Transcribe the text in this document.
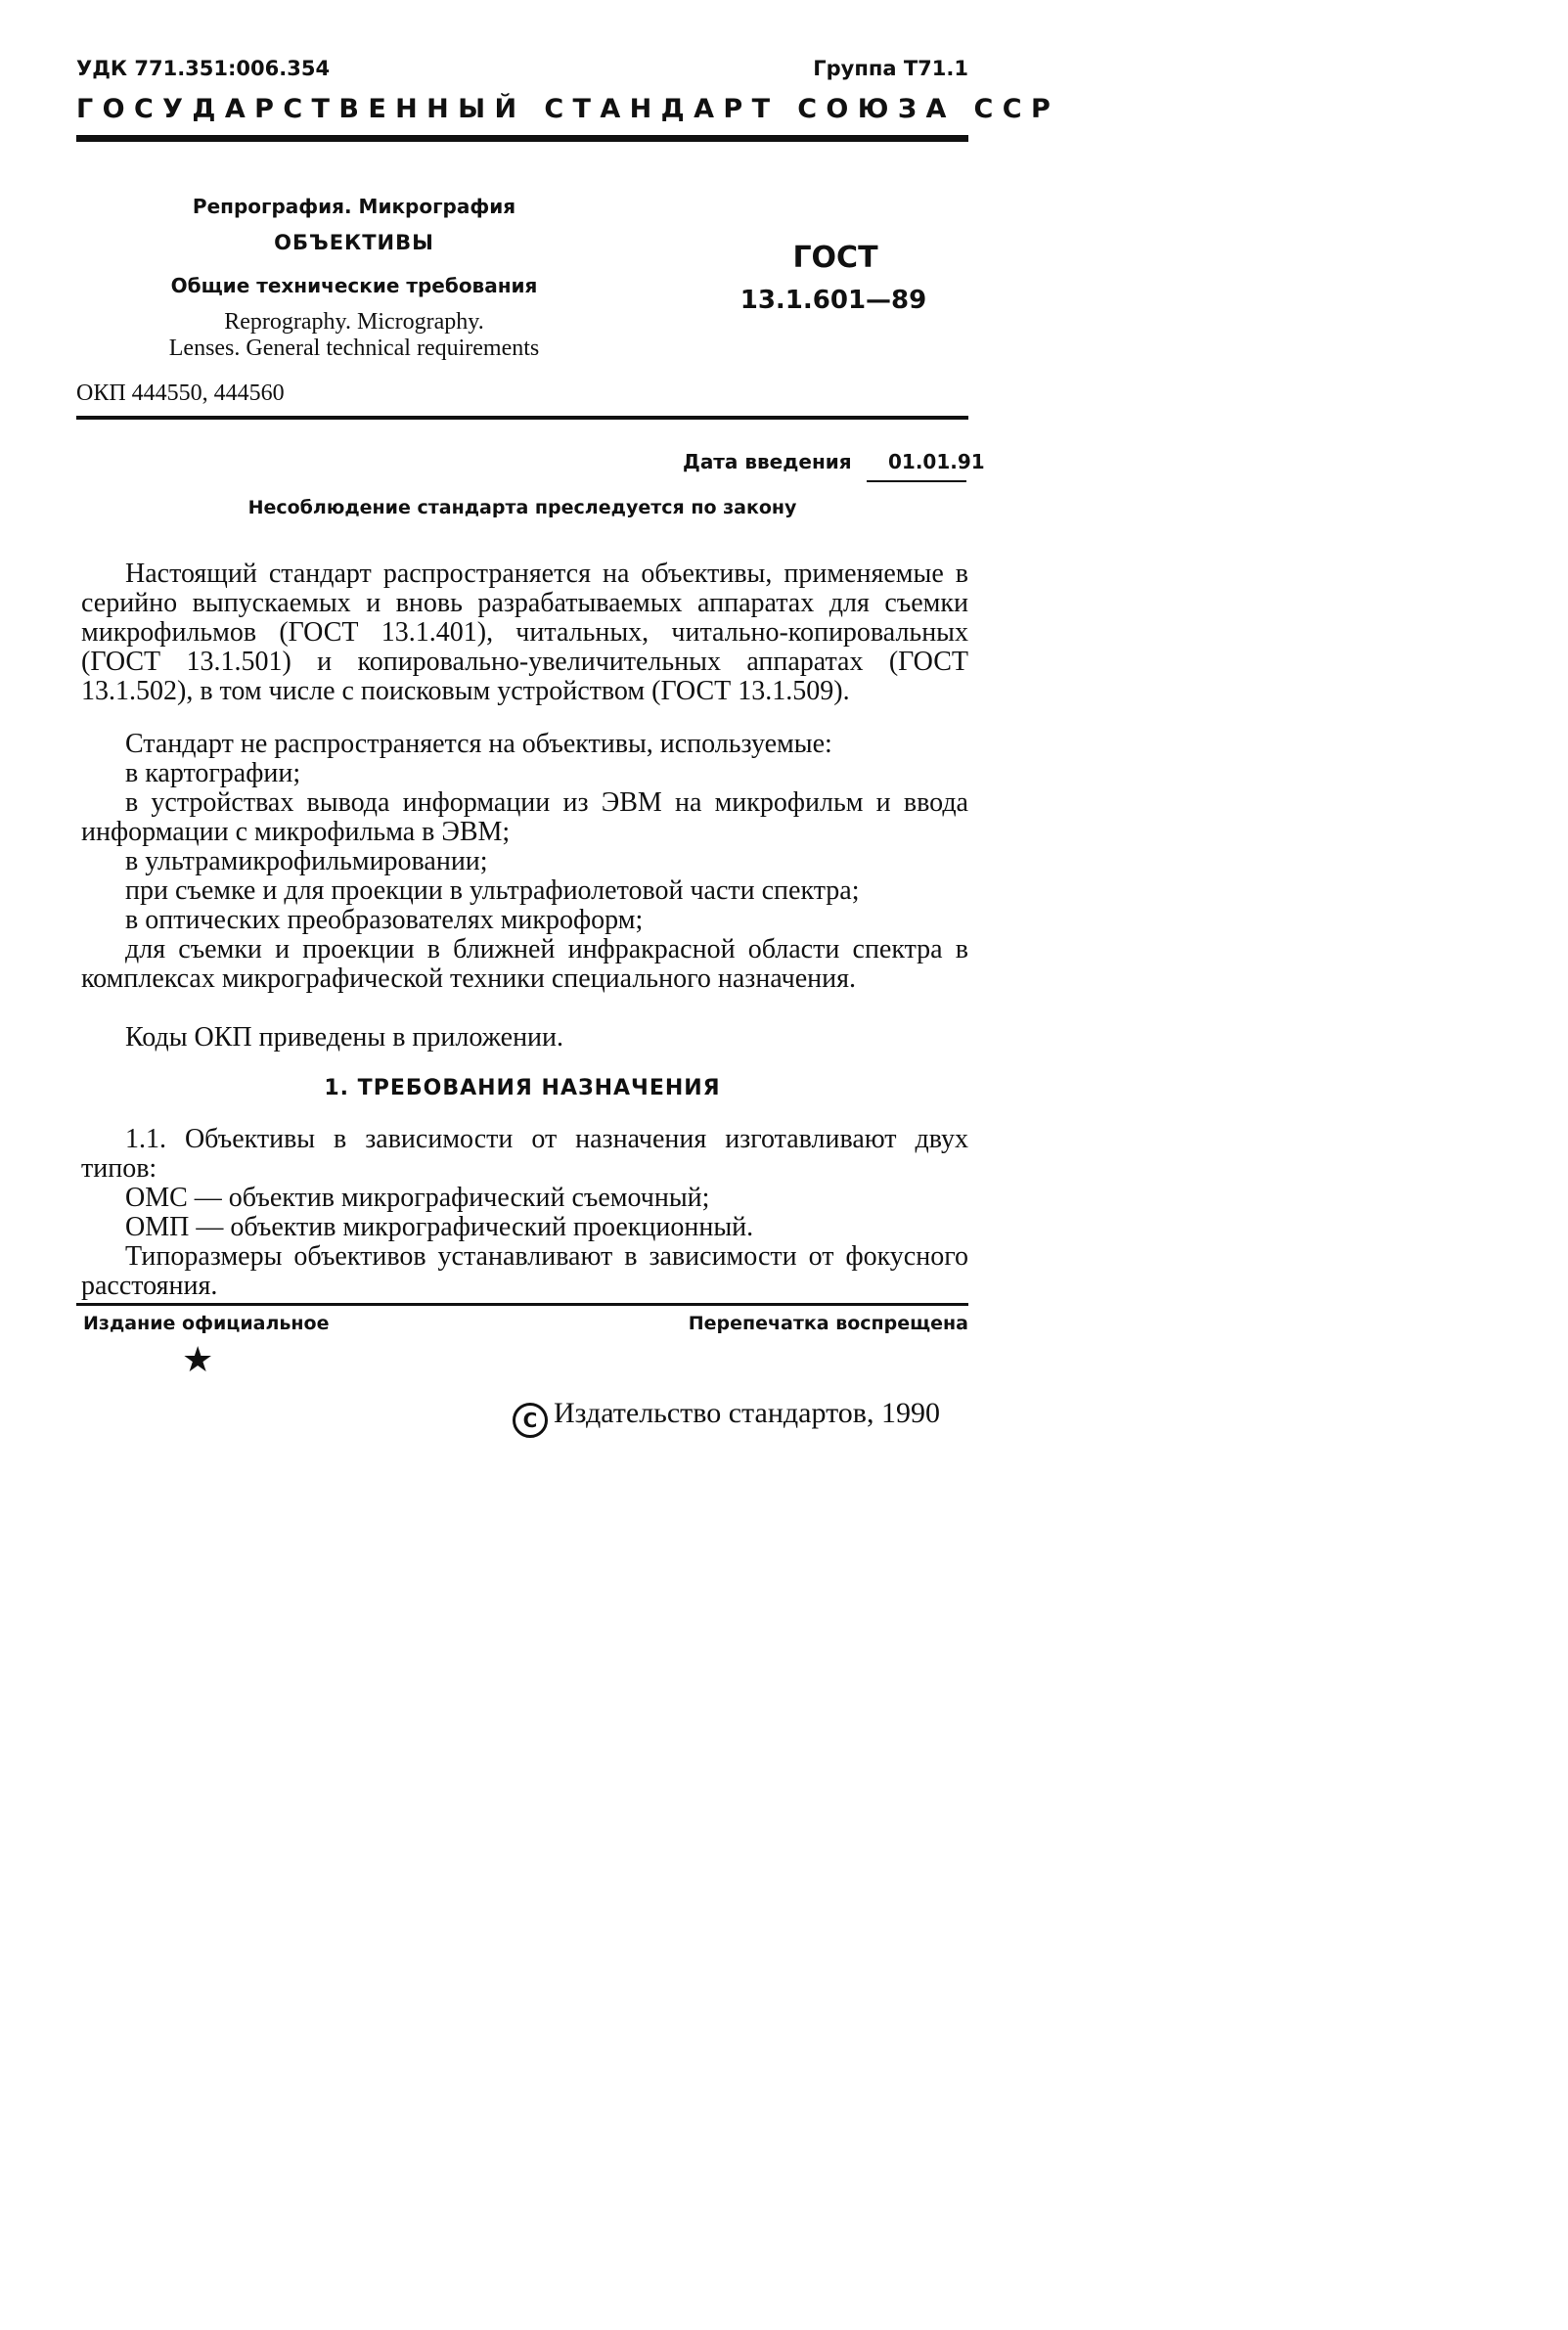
УДК 771.351:006.354	Группа Т71.1
ГОСУДАРСТВЕННЫЙ СТАНДАРТ СОЮЗА ССР
Репрография. Микрография
ОБЪЕКТИВЫ
Общие технические требования
Reprography. Micrography.
Lenses. General technical requirements
ГОСТ
13.1.601—89
ОКП 444550, 444560
Дата введения 01.01.91
Несоблюдение стандарта преследуется по закону

Настоящий стандарт распространяется на объективы, применяемые в серийно выпускаемых и вновь разрабатываемых аппаратах для съемки микрофильмов (ГОСТ 13.1.401), читальных, читально-копировальных (ГОСТ 13.1.501) и копировально-увеличительных аппаратах (ГОСТ 13.1.502), в том числе с поисковым устройством (ГОСТ 13.1.509).

Стандарт не распространяется на объективы, используемые:
в картографии;

в устройствах вывода информации из ЭВМ на микрофильм и ввода информации с микрофильма в ЭВМ;

в ультрамикрофильмировании;
при съемке и для проекции в ультрафиолетовой части спектра;
в оптических преобразователях микроформ;

для съемки и проекции в ближней инфракрасной области спектра в комплексах микрографической техники специального назначения.

Коды ОКП приведены в приложении.
1. ТРЕБОВАНИЯ НАЗНАЧЕНИЯ

1.1. Объективы в зависимости от назначения изготавливают двух типов:

ОМС — объектив микрографический съемочный;
ОМП — объектив микрографический проекционный.

Типоразмеры объективов устанавливают в зависимости от фокусного расстояния.

Издание официальное	Перепечатка воспрещена
★
C Издательство стандартов, 1990
